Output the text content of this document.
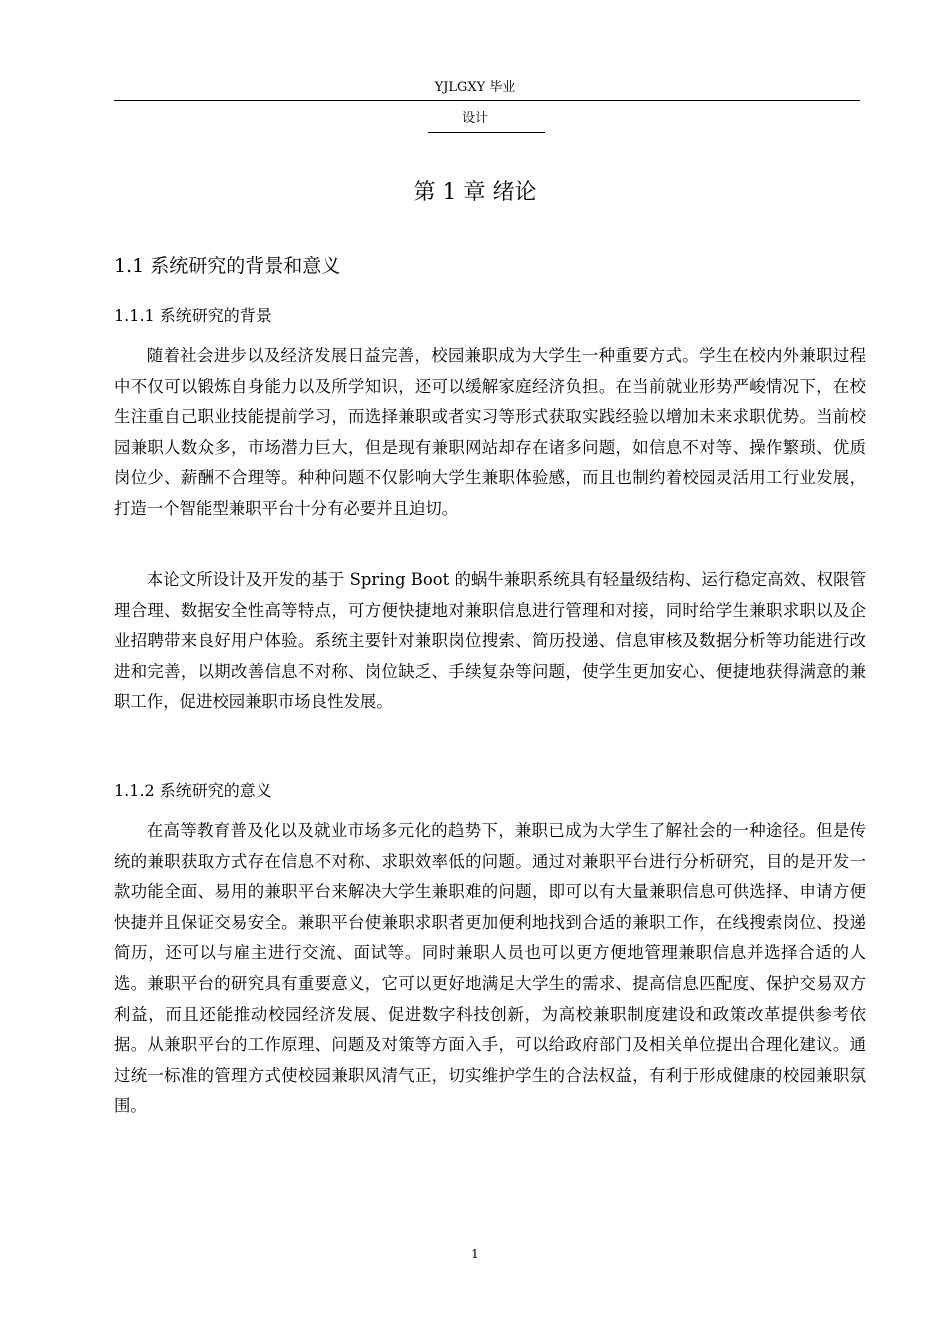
YJLGXY 毕业
设计
第 1 章 绪论
1.1 系统研究的背景和意义
1.1.1 系统研究的背景

随着社会进步以及经济发展日益完善，校园兼职成为大学生一种重要方式。学生在校内外兼职过程中不仅可以锻炼自身能力以及所学知识，还可以缓解家庭经济负担。在当前就业形势严峻情况下，在校生注重自己职业技能提前学习，而选择兼职或者实习等形式获取实践经验以增加未来求职优势。当前校园兼职人数众多，市场潜力巨大，但是现有兼职网站却存在诸多问题，如信息不对等、操作繁琐、优质岗位少、薪酬不合理等。种种问题不仅影响大学生兼职体验感，而且也制约着校园灵活用工行业发展，打造一个智能型兼职平台十分有必要并且迫切。

本论文所设计及开发的基于 Spring Boot 的蜗牛兼职系统具有轻量级结构、运行稳定高效、权限管理合理、数据安全性高等特点，可方便快捷地对兼职信息进行管理和对接，同时给学生兼职求职以及企业招聘带来良好用户体验。系统主要针对兼职岗位搜索、简历投递、信息审核及数据分析等功能进行改进和完善，以期改善信息不对称、岗位缺乏、手续复杂等问题，使学生更加安心、便捷地获得满意的兼职工作，促进校园兼职市场良性发展。

1.1.2 系统研究的意义

在高等教育普及化以及就业市场多元化的趋势下，兼职已成为大学生了解社会的一种途径。但是传统的兼职获取方式存在信息不对称、求职效率低的问题。通过对兼职平台进行分析研究，目的是开发一款功能全面、易用的兼职平台来解决大学生兼职难的问题，即可以有大量兼职信息可供选择、申请方便快捷并且保证交易安全。兼职平台使兼职求职者更加便利地找到合适的兼职工作，在线搜索岗位、投递简历，还可以与雇主进行交流、面试等。同时兼职人员也可以更方便地管理兼职信息并选择合适的人选。兼职平台的研究具有重要意义，它可以更好地满足大学生的需求、提高信息匹配度、保护交易双方利益，而且还能推动校园经济发展、促进数字科技创新，为高校兼职制度建设和政策改革提供参考依据。从兼职平台的工作原理、问题及对策等方面入手，可以给政府部门及相关单位提出合理化建议。通过统一标准的管理方式使校园兼职风清气正，切实维护学生的合法权益，有利于形成健康的校园兼职氛围。

1
